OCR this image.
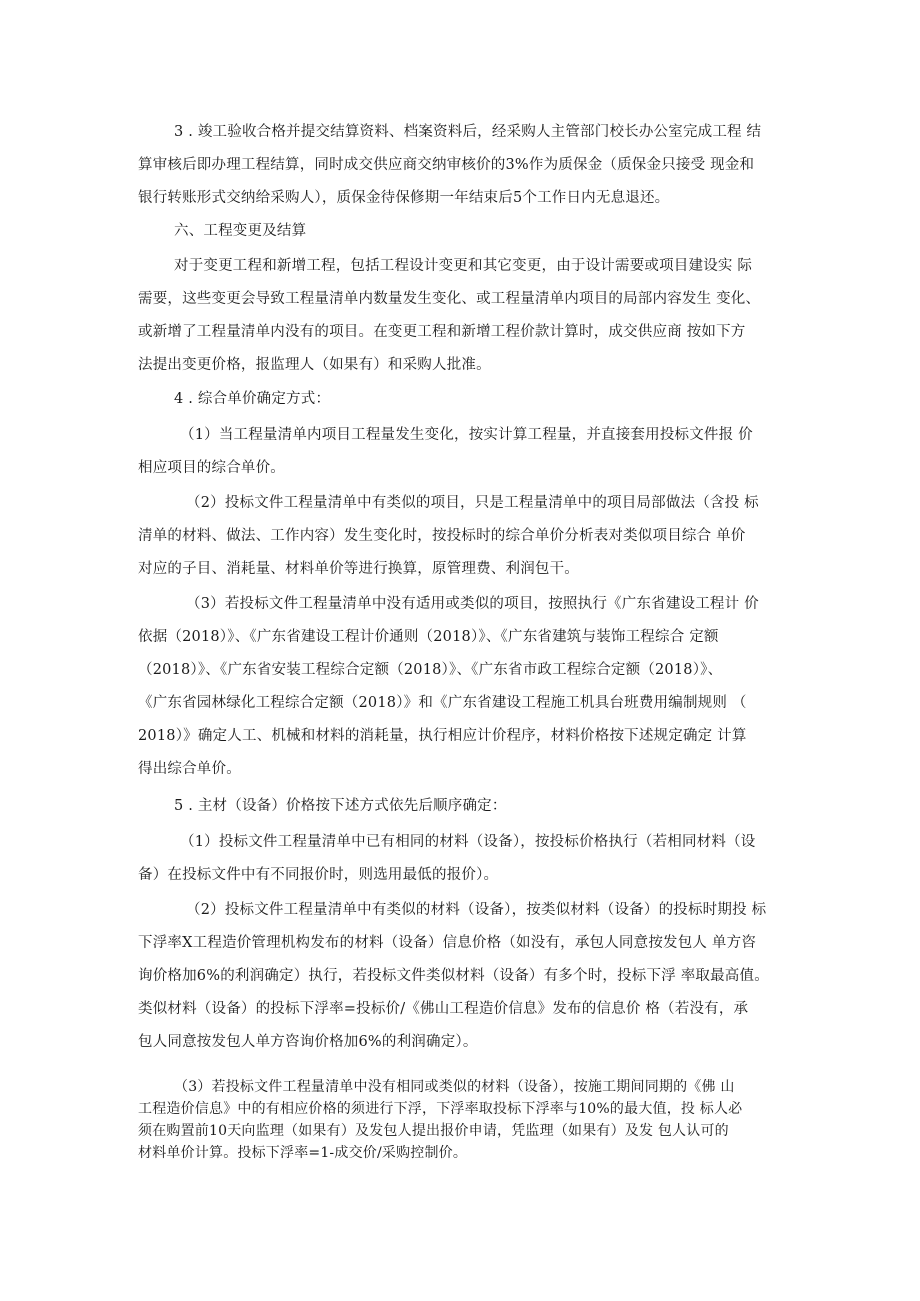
3 . 竣工验收合格并提交结算资料、档案资料后，经采购人主管部门校长办公室完成工程 结
算审核后即办理工程结算，同时成交供应商交纳审核价的3%作为质保金（质保金只接受 现金和
银行转账形式交纳给采购人），质保金待保修期一年结束后5个工作日内无息退还。

六、工程变更及结算

对于变更工程和新增工程，包括工程设计变更和其它变更，由于设计需要或项目建设实 际
需要，这些变更会导致工程量清单内数量发生变化、或工程量清单内项目的局部内容发生 变化、
或新增了工程量清单内没有的项目。在变更工程和新增工程价款计算时，成交供应商 按如下方
法提出变更价格，报监理人（如果有）和采购人批准。

4 . 综合单价确定方式：

（1）当工程量清单内项目工程量发生变化，按实计算工程量，并直接套用投标文件报 价
相应项目的综合单价。

（2）投标文件工程量清单中有类似的项目，只是工程量清单中的项目局部做法（含投 标
清单的材料、做法、工作内容）发生变化时，按投标时的综合单价分析表对类似项目综合 单价
对应的子目、消耗量、材料单价等进行换算，原管理费、利润包干。

（3）若投标文件工程量清单中没有适用或类似的项目，按照执行《广东省建设工程计 价
依据（2018）》、《广东省建设工程计价通则（2018）》、《广东省建筑与装饰工程综合 定额
（2018）》、《广东省安装工程综合定额（2018）》、《广东省市政工程综合定额（2018）》、
《广东省园林绿化工程综合定额（2018）》和《广东省建设工程施工机具台班费用编制规则 （
2018）》确定人工、机械和材料的消耗量，执行相应计价程序，材料价格按下述规定确定 计算
得出综合单价。

5 . 主材（设备）价格按下述方式依先后顺序确定：

（1）投标文件工程量清单中已有相同的材料（设备），按投标价格执行（若相同材料（设
备）在投标文件中有不同报价时，则选用最低的报价）。

（2）投标文件工程量清单中有类似的材料（设备），按类似材料（设备）的投标时期投 标
下浮率X工程造价管理机构发布的材料（设备）信息价格（如没有，承包人同意按发包人 单方咨
询价格加6%的利润确定）执行，若投标文件类似材料（设备）有多个时，投标下浮 率取最高值。
类似材料（设备）的投标下浮率=投标价/《佛山工程造价信息》发布的信息价 格（若没有，承
包人同意按发包人单方咨询价格加6%的利润确定）。

（3）若投标文件工程量清单中没有相同或类似的材料（设备），按施工期间同期的《佛 山
工程造价信息》中的有相应价格的须进行下浮，下浮率取投标下浮率与10%的最大值，投 标人必
须在购置前10天向监理（如果有）及发包人提出报价申请，凭监理（如果有）及发 包人认可的
材料单价计算。投标下浮率=1-成交价/采购控制价。
